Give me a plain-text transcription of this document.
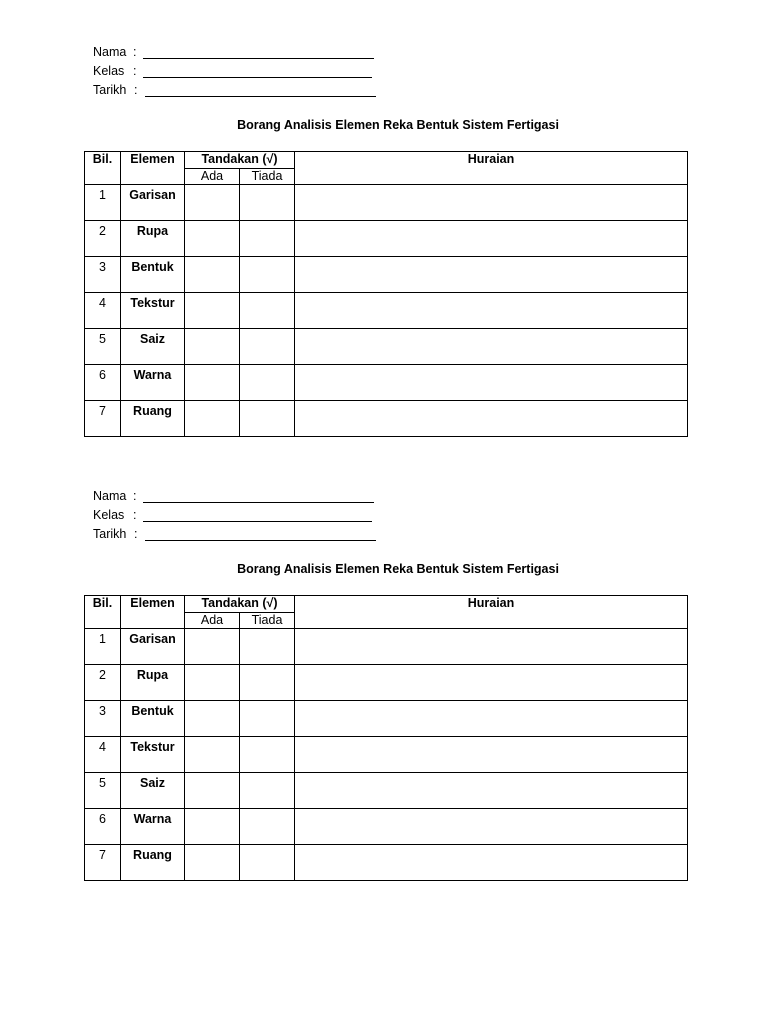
Nama :
Kelas :
Tarikh :
Borang Analisis Elemen Reka Bentuk Sistem Fertigasi
Bil.	Elemen	Tandakan (√)		Huraian
		Ada	Tiada	
1	Garisan			
2	Rupa			
3	Bentuk			
4	Tekstur			
5	Saiz			
6	Warna			
7	Ruang			
Nama :
Kelas :
Tarikh :
Borang Analisis Elemen Reka Bentuk Sistem Fertigasi
Bil.	Elemen	Tandakan (√)		Huraian
		Ada	Tiada	
1	Garisan			
2	Rupa			
3	Bentuk			
4	Tekstur			
5	Saiz			
6	Warna			
7	Ruang			
